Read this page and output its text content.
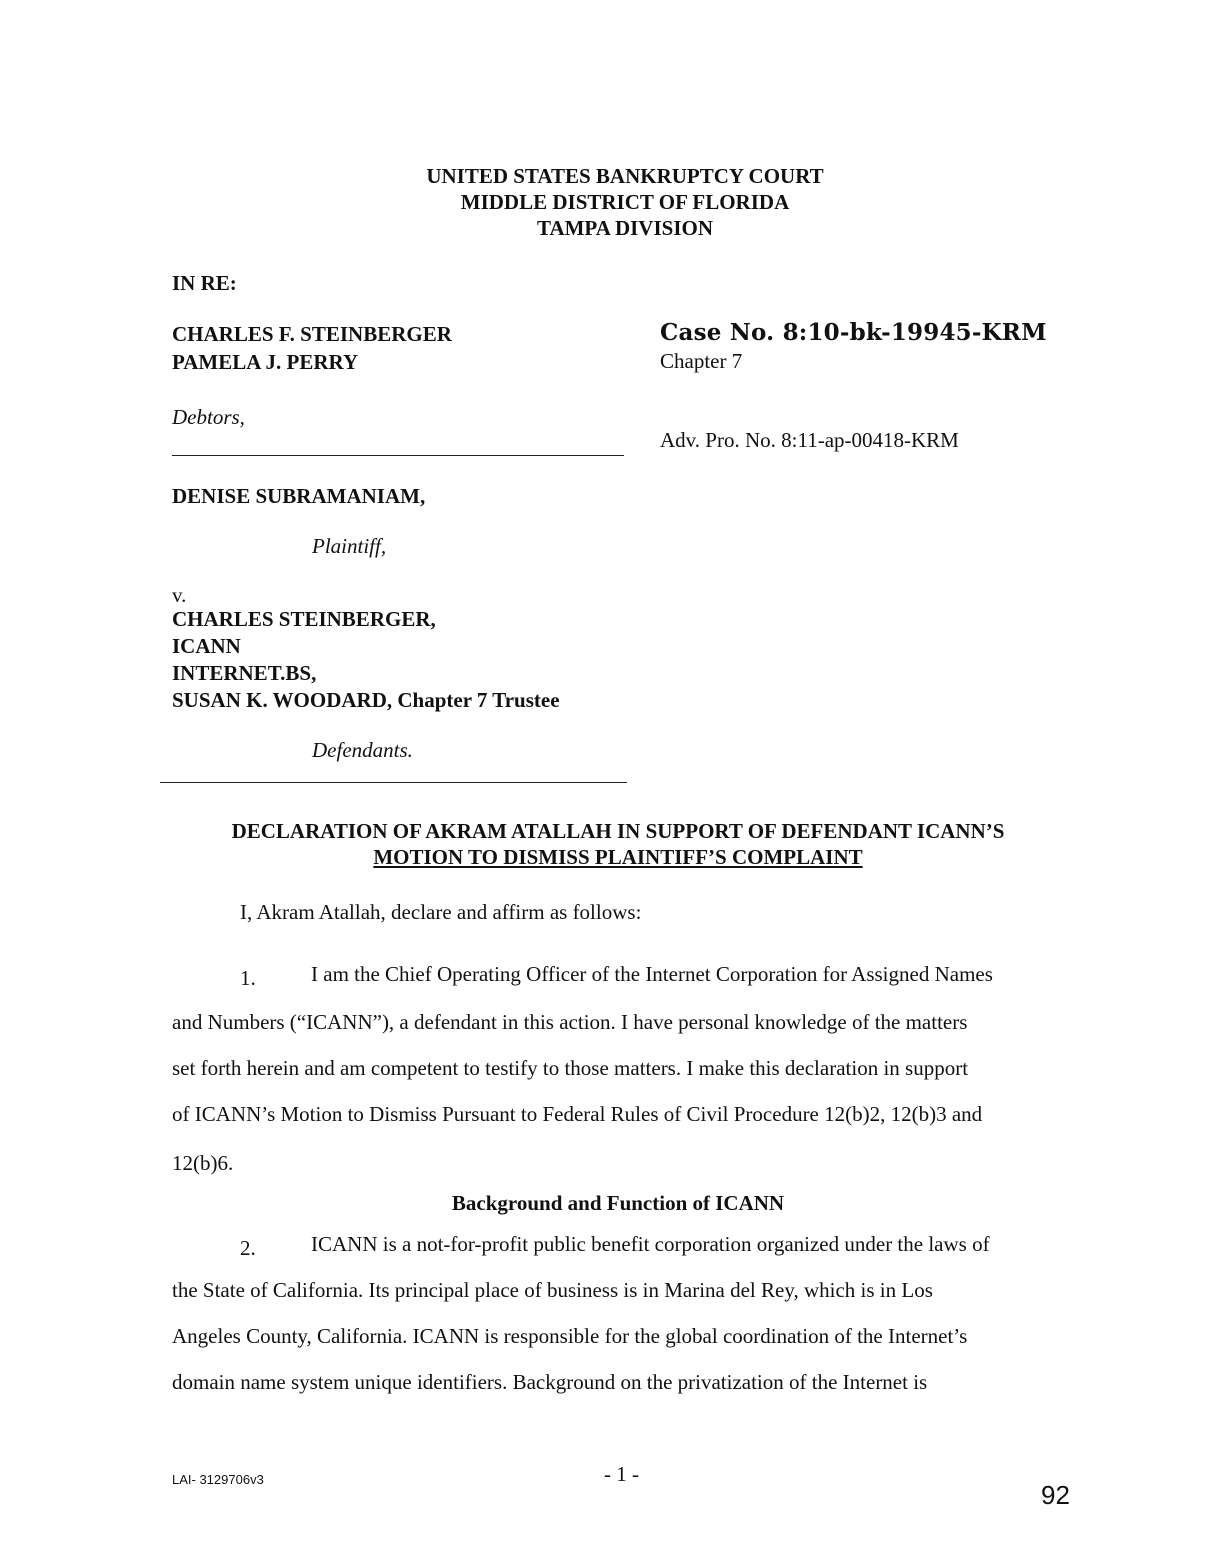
UNITED STATES BANKRUPTCY COURT
MIDDLE DISTRICT OF FLORIDA
TAMPA DIVISION
IN RE:
CHARLES F. STEINBERGER
PAMELA J. PERRY
Debtors,
Case No. 8:10-bk-19945-KRM
Chapter 7
Adv. Pro. No. 8:11-ap-00418-KRM
DENISE SUBRAMANIAM,
Plaintiff,
v.
CHARLES STEINBERGER,
ICANN
INTERNET.BS,
SUSAN K. WOODARD, Chapter 7 Trustee
Defendants.
DECLARATION OF AKRAM ATALLAH IN SUPPORT OF DEFENDANT ICANN’S
MOTION TO DISMISS PLAINTIFF’S COMPLAINT
I, Akram Atallah, declare and affirm as follows:
1.	I am the Chief Operating Officer of the Internet Corporation for Assigned Names
and Numbers (“ICANN”), a defendant in this action. I have personal knowledge of the matters
set forth herein and am competent to testify to those matters. I make this declaration in support
of ICANN’s Motion to Dismiss Pursuant to Federal Rules of Civil Procedure 12(b)2, 12(b)3 and
12(b)6.
Background and Function of ICANN
2.	ICANN is a not-for-profit public benefit corporation organized under the laws of
the State of California. Its principal place of business is in Marina del Rey, which is in Los
Angeles County, California. ICANN is responsible for the global coordination of the Internet’s
domain name system unique identifiers. Background on the privatization of the Internet is
LAI- 3129706v3	- 1 -
92
